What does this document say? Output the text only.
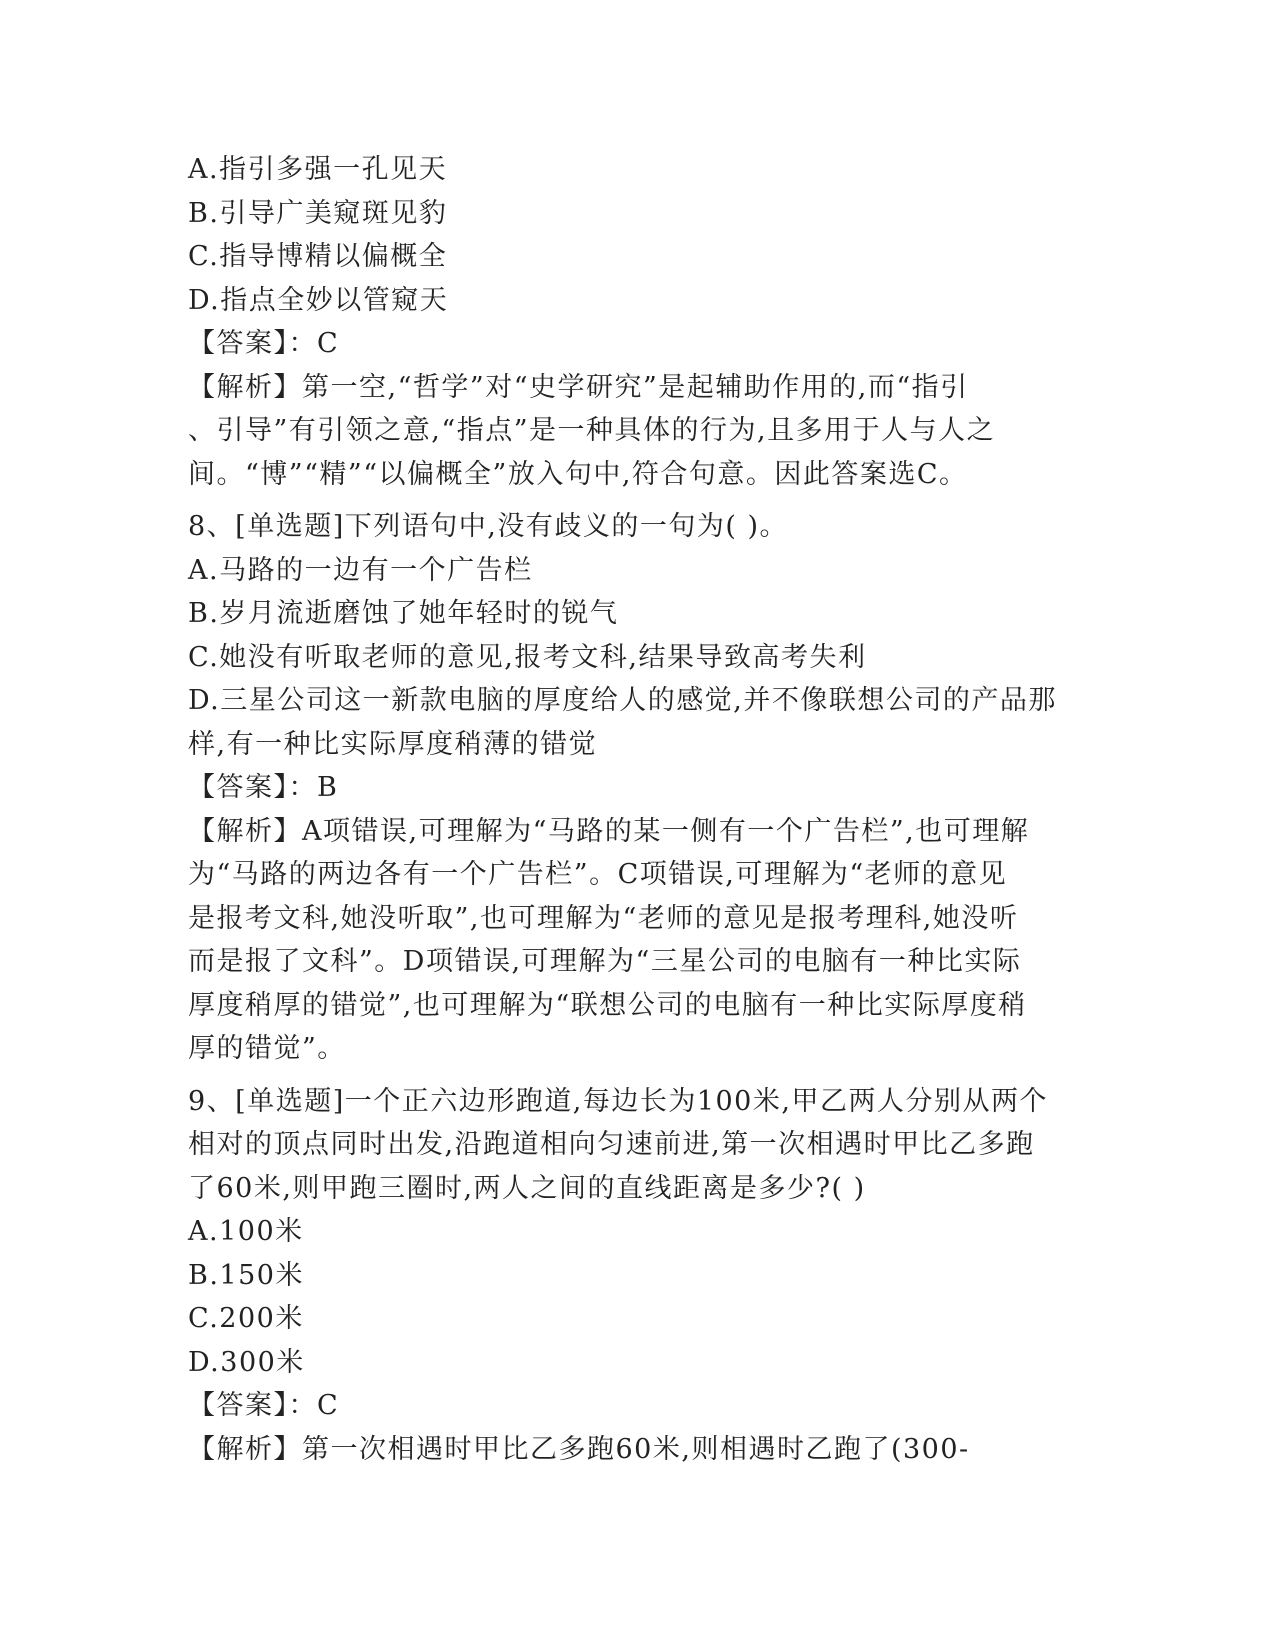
A.指引多强一孔见天
B.引导广美窥斑见豹
C.指导博精以偏概全
D.指点全妙以管窥天
【答案】：C
【解析】第一空,“哲学”对“史学研究”是起辅助作用的,而“指引
、引导”有引领之意,“指点”是一种具体的行为,且多用于人与人之
间。“博”“精”“以偏概全”放入句中,符合句意。因此答案选C。
8、[单选题]下列语句中,没有歧义的一句为( )。
A.马路的一边有一个广告栏
B.岁月流逝磨蚀了她年轻时的锐气
C.她没有听取老师的意见,报考文科,结果导致高考失利
D.三星公司这一新款电脑的厚度给人的感觉,并不像联想公司的产品那
样,有一种比实际厚度稍薄的错觉
【答案】：B
【解析】A项错误,可理解为“马路的某一侧有一个广告栏”,也可理解
为“马路的两边各有一个广告栏”。C项错误,可理解为“老师的意见
是报考文科,她没听取”,也可理解为“老师的意见是报考理科,她没听
而是报了文科”。D项错误,可理解为“三星公司的电脑有一种比实际
厚度稍厚的错觉”,也可理解为“联想公司的电脑有一种比实际厚度稍
厚的错觉”。
9、[单选题]一个正六边形跑道,每边长为100米,甲乙两人分别从两个
相对的顶点同时出发,沿跑道相向匀速前进,第一次相遇时甲比乙多跑
了60米,则甲跑三圈时,两人之间的直线距离是多少?( )
A.100米
B.150米
C.200米
D.300米
【答案】：C
【解析】第一次相遇时甲比乙多跑60米,则相遇时乙跑了(300-
